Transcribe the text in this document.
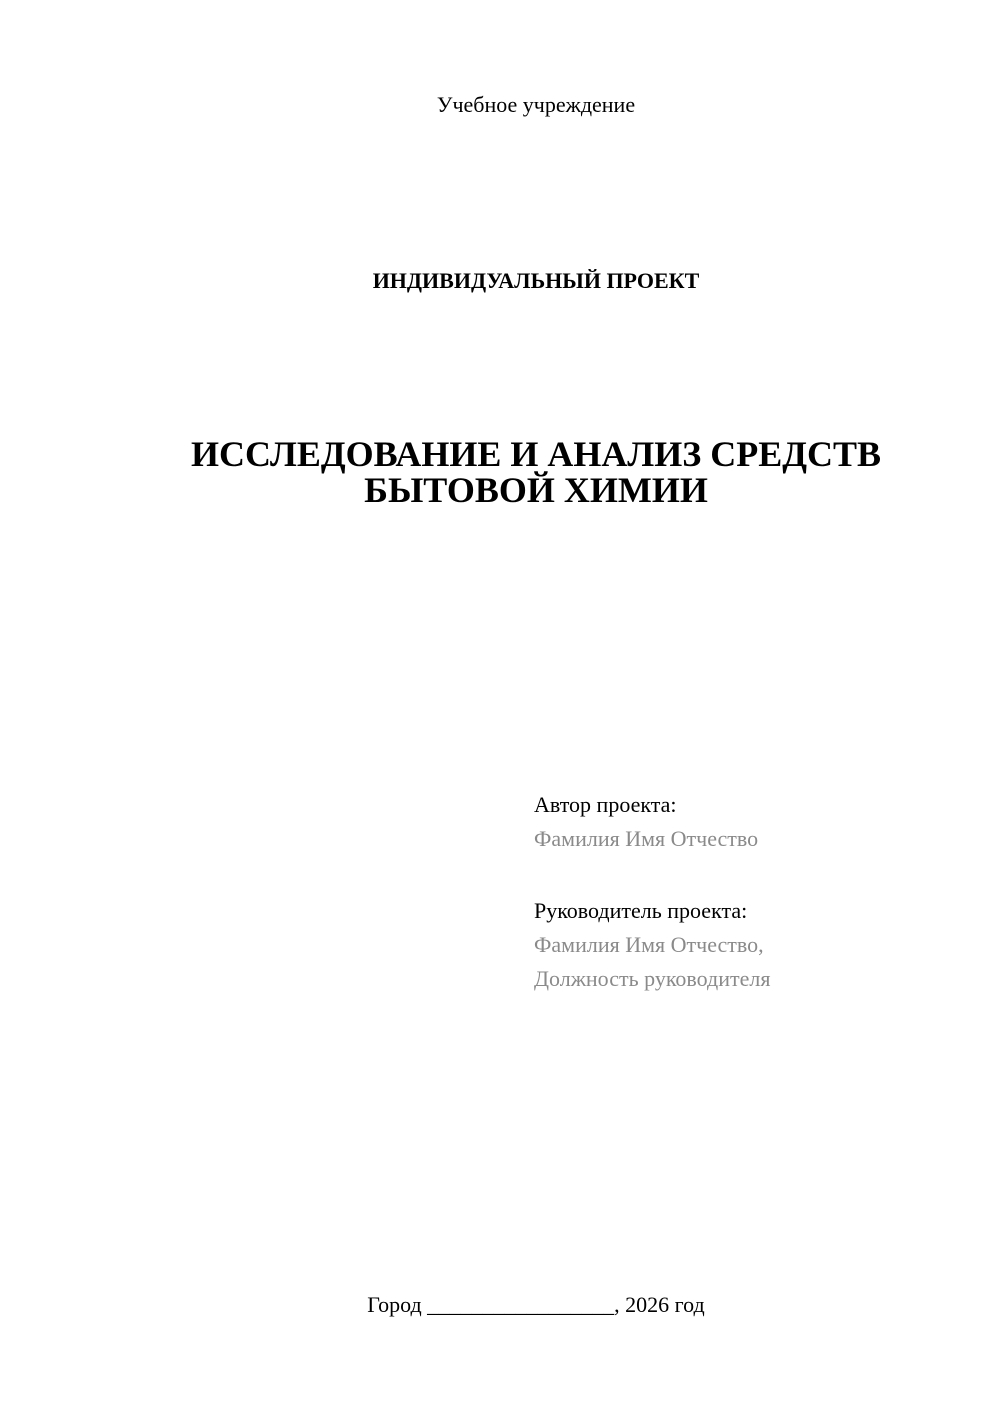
Учебное учреждение
ИНДИВИДУАЛЬНЫЙ ПРОЕКТ
ИССЛЕДОВАНИЕ И АНАЛИЗ СРЕДСТВ
БЫТОВОЙ ХИМИИ
Автор проекта:
Фамилия Имя Отчество
Руководитель проекта:
Фамилия Имя Отчество,
Должность руководителя
Город _________________, 2026 год
